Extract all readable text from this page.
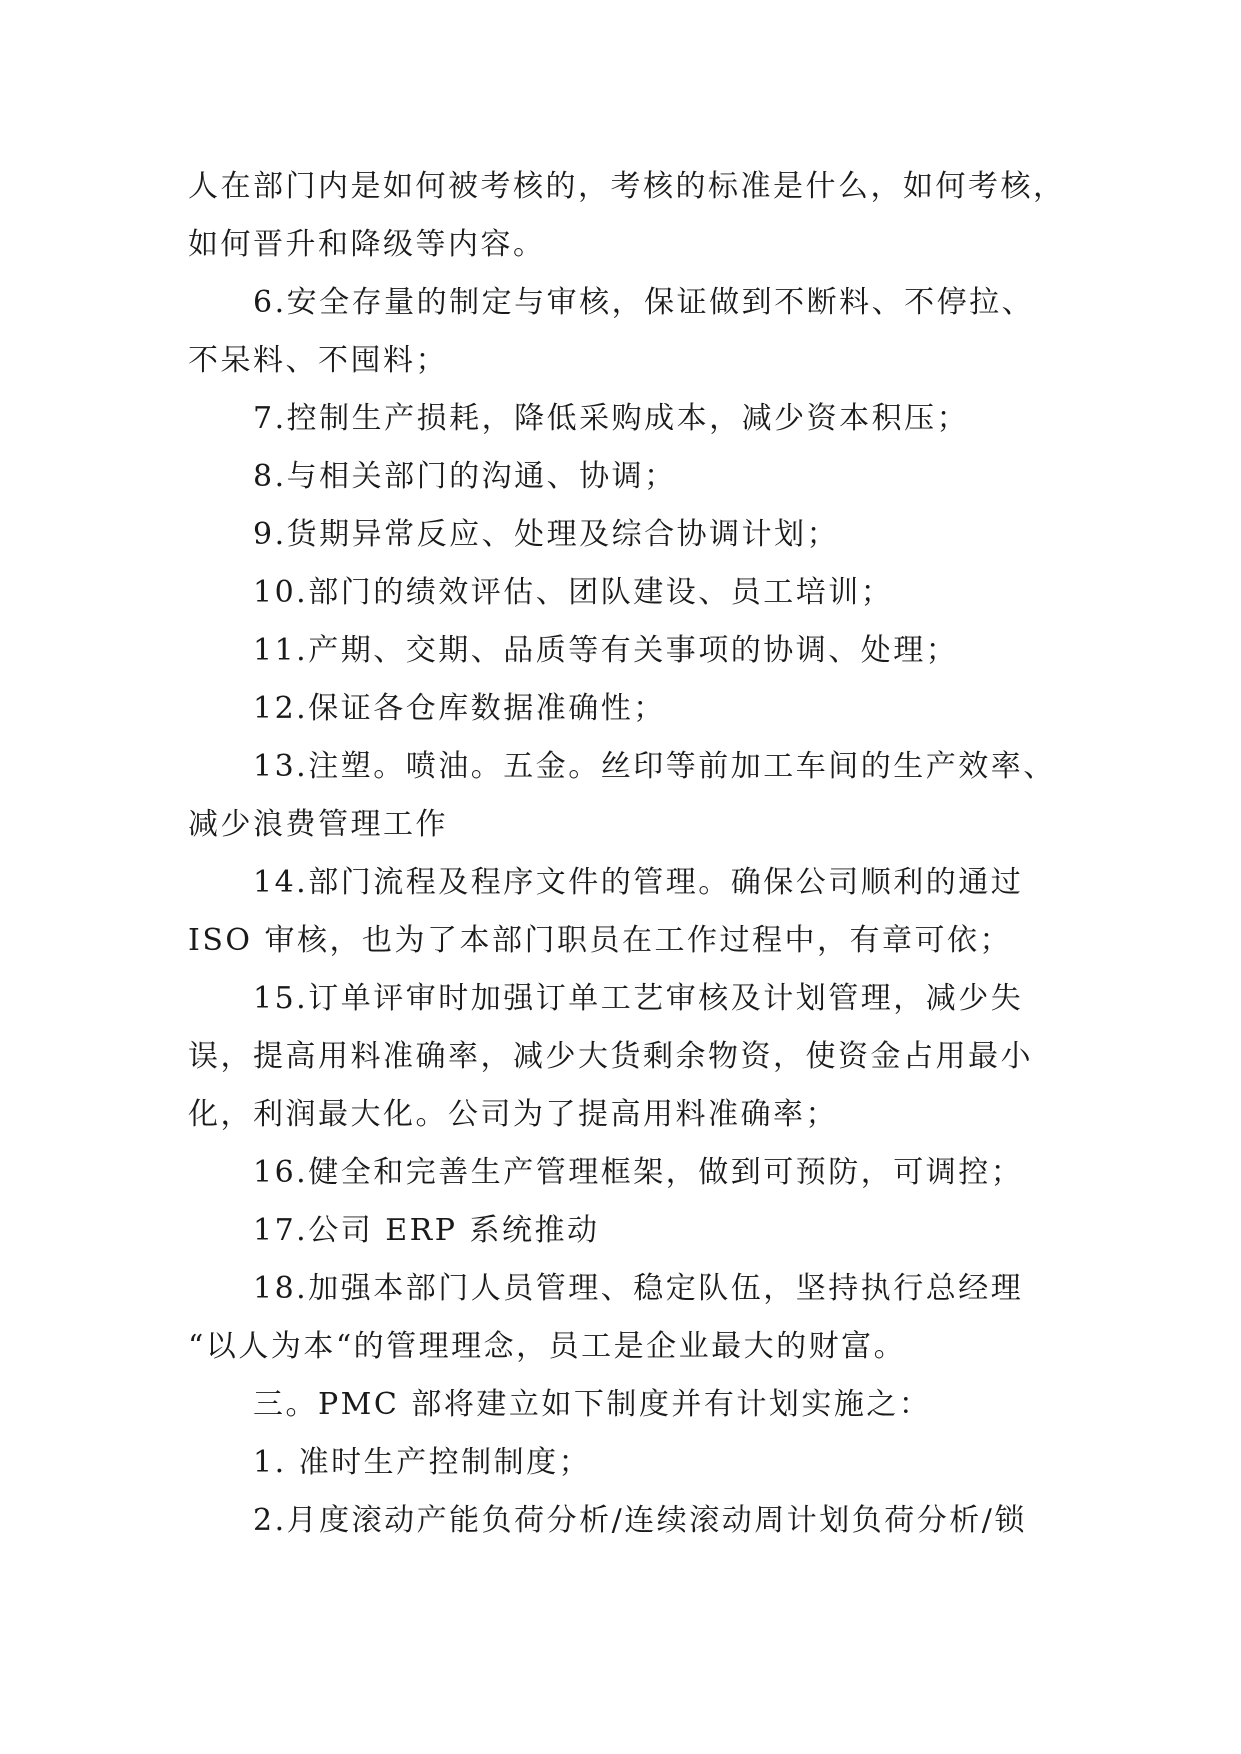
人在部门内是如何被考核的，考核的标准是什么，如何考核，
如何晋升和降级等内容。
6.安全存量的制定与审核，保证做到不断料、不停拉、
不呆料、不囤料；
7.控制生产损耗，降低采购成本，减少资本积压；
8.与相关部门的沟通、协调；
9.货期异常反应、处理及综合协调计划；
10.部门的绩效评估、团队建设、员工培训；
11.产期、交期、品质等有关事项的协调、处理；
12.保证各仓库数据准确性；
13.注塑。喷油。五金。丝印等前加工车间的生产效率、
减少浪费管理工作
14.部门流程及程序文件的管理。确保公司顺利的通过
ISO 审核，也为了本部门职员在工作过程中，有章可依；
15.订单评审时加强订单工艺审核及计划管理，减少失
误，提高用料准确率，减少大货剩余物资，使资金占用最小
化，利润最大化。公司为了提高用料准确率；
16.健全和完善生产管理框架，做到可预防，可调控；
17.公司 ERP 系统推动
18.加强本部门人员管理、稳定队伍，坚持执行总经理
“以人为本“的管理理念，员工是企业最大的财富。
三。PMC 部将建立如下制度并有计划实施之：
1. 准时生产控制制度；
2.月度滚动产能负荷分析/连续滚动周计划负荷分析/锁
